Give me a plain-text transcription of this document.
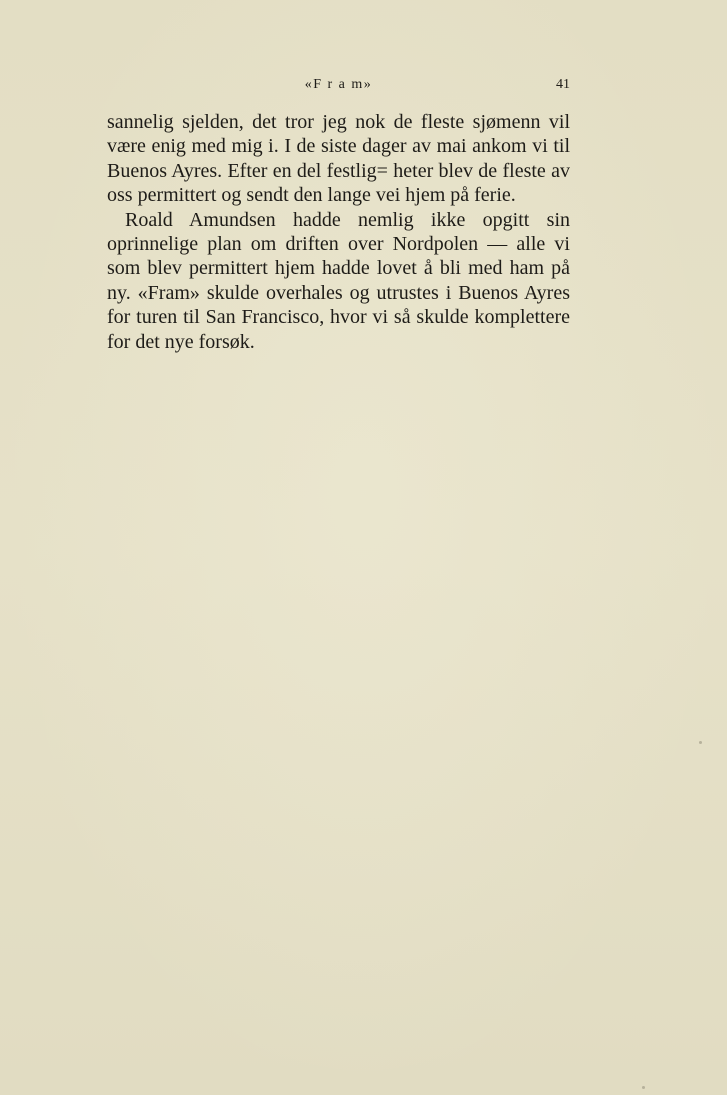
«F r a m»	41

sannelig sjelden, det tror jeg nok de fleste sjømenn vil være enig med mig i. I de siste dager av mai ankom vi til Buenos Ayres. Efter en del festlig= heter blev de fleste av oss permittert og sendt den lange vei hjem på ferie.

Roald Amundsen hadde nemlig ikke opgitt sin oprinnelige plan om driften over Nordpolen — alle vi som blev permittert hjem hadde lovet å bli med ham på ny. «Fram» skulde overhales og utrustes i Buenos Ayres for turen til San Francisco, hvor vi så skulde komplettere for det nye forsøk.
